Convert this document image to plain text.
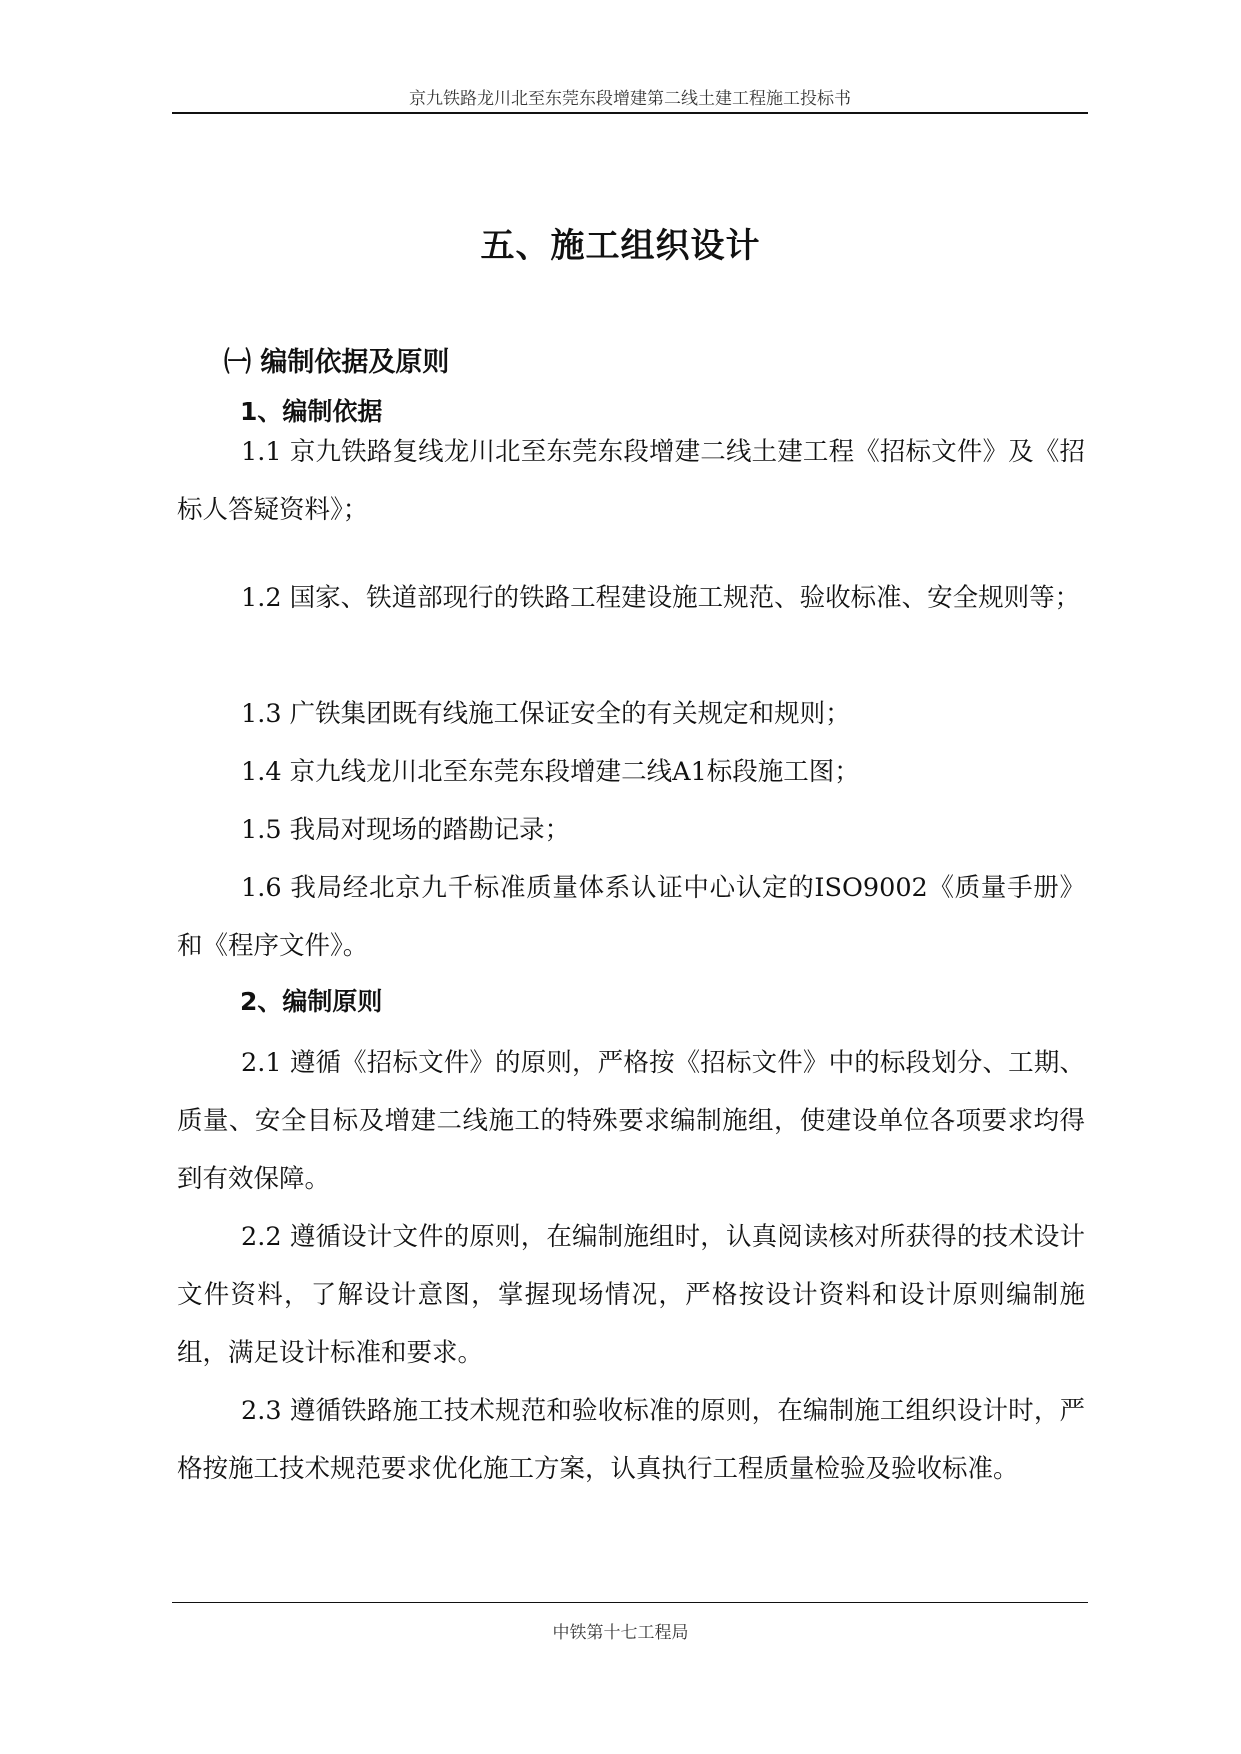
京九铁路龙川北至东莞东段增建第二线土建工程施工投标书
五、施工组织设计
㈠ 编制依据及原则
1、编制依据

1.1 京九铁路复线龙川北至东莞东段增建二线土建工程《招标文件》及《招标人答疑资料》；

1.2 国家、铁道部现行的铁路工程建设施工规范、验收标准、安全规则等；

1.3 广铁集团既有线施工保证安全的有关规定和规则；

1.4 京九线龙川北至东莞东段增建二线A1标段施工图；

1.5 我局对现场的踏勘记录；

1.6 我局经北京九千标准质量体系认证中心认定的ISO9002《质量手册》和《程序文件》。

2、编制原则

2.1 遵循《招标文件》的原则，严格按《招标文件》中的标段划分、工期、质量、安全目标及增建二线施工的特殊要求编制施组，使建设单位各项要求均得到有效保障。

2.2 遵循设计文件的原则，在编制施组时，认真阅读核对所获得的技术设计文件资料，了解设计意图，掌握现场情况，严格按设计资料和设计原则编制施组，满足设计标准和要求。

2.3 遵循铁路施工技术规范和验收标准的原则，在编制施工组织设计时，严格按施工技术规范要求优化施工方案，认真执行工程质量检验及验收标准。

中铁第十七工程局
